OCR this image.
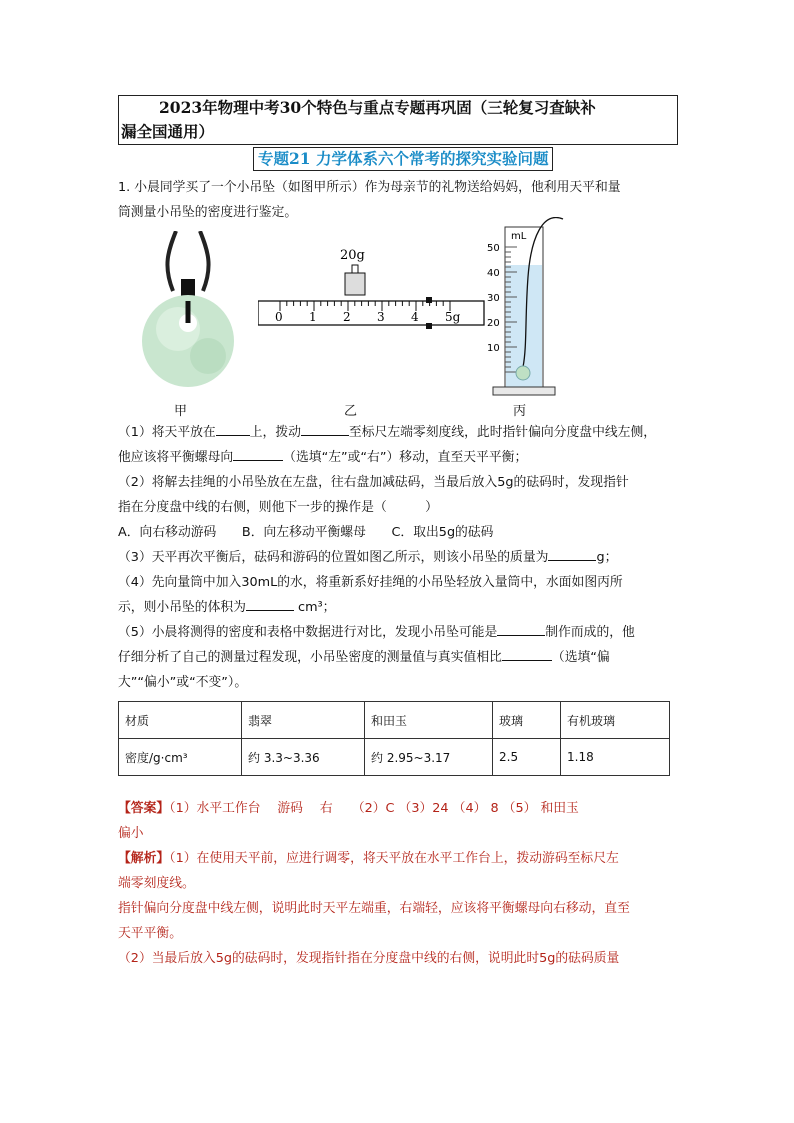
2023年物理中考30个特色与重点专题再巩固（三轮复习查缺补
漏全国通用）
专题21 力学体系六个常考的探究实验问题

1. 小晨同学买了一个小吊坠（如图甲所示）作为母亲节的礼物送给妈妈，他利用天平和量

筒测量小吊坠的密度进行鉴定。

20g
0 1 2 3 4 5g
mL
50
40
30
20
10
甲	乙	丙

（1）将天平放在	上，拨动	至标尺左端零刻度线，此时指针偏向分度盘中线左侧，

他应该将平衡螺母向	（选填“左”或“右”）移动，直至天平平衡；

（2）将解去挂绳的小吊坠放在左盘，往右盘加减砝码，当最后放入5g的砝码时，发现指针

指在分度盘中线的右侧，则他下一步的操作是（　　　）

A．向右移动游码　　B．向左移动平衡螺母　　C．取出5g的砝码

（3）天平再次平衡后，砝码和游码的位置如图乙所示，则该小吊坠的质量为	g；

（4）先向量筒中加入30mL的水，将重新系好挂绳的小吊坠轻放入量筒中，水面如图丙所

示，则小吊坠的体积为	cm³；

（5）小晨将测得的密度和表格中数据进行对比，发现小吊坠可能是	制作而成的，他

仔细分析了自己的测量过程发现，小吊坠密度的测量值与真实值相比	（选填“偏

大”“偏小”或“不变”）。

材质	翡翠	和田玉	玻璃	有机玻璃
密度/g·cm³	约 3.3~3.36	约 2.95~3.17	2.5	1.18

【答案】（1）水平工作台　 游码　 右　　（2）C （3）24 （4） 8 （5） 和田玉

偏小

【解析】（1）在使用天平前，应进行调零，将天平放在水平工作台上，拨动游码至标尺左

端零刻度线。

指针偏向分度盘中线左侧，说明此时天平左端重，右端轻，应该将平衡螺母向右移动，直至

天平平衡。

（2）当最后放入5g的砝码时，发现指针指在分度盘中线的右侧，说明此时5g的砝码质量
